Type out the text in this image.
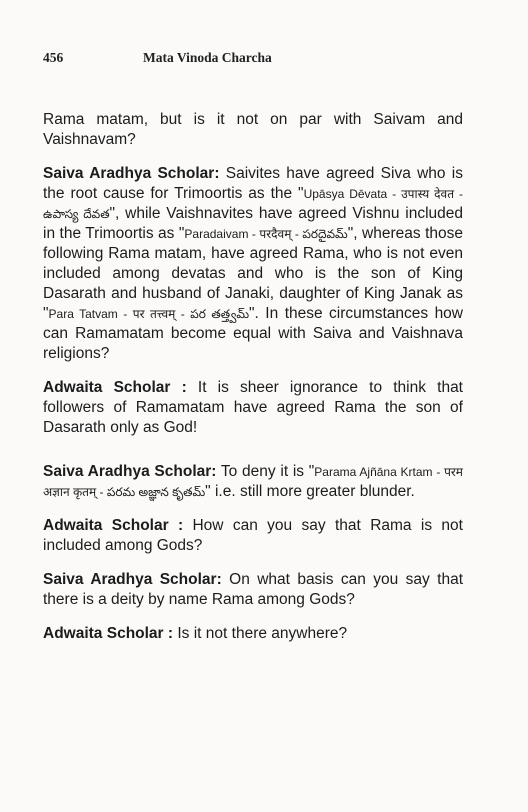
456	Mata Vinoda Charcha

Rama matam, but is it not on par with Saivam and Vaishnavam?

Saiva Aradhya Scholar: Saivites have agreed Siva who is the root cause for Trimoortis as the "Upāsya Dēvata - उपास्य देवत - ఉపాస్య దేవత", while Vaishnavites have agreed Vishnu included in the Trimoortis as "Paradaivam - परदैवम् - పరదైవమ్", whereas those following Rama matam, have agreed Rama, who is not even included among devatas and who is the son of King Dasarath and husband of Janaki, daughter of King Janak as "Para Tatvam - पर तत्त्वम् - పర తత్త్వమ్". In these circumstances how can Ramamatam become equal with Saiva and Vaishnava religions?

Adwaita Scholar : It is sheer ignorance to think that followers of Ramamatam have agreed Rama the son of Dasarath only as God!

Saiva Aradhya Scholar: To deny it is "Parama Ajñāna Krtam - परम अज्ञान कृतम् - పరమ అజ్ఞాన కృతమ్" i.e. still more greater blunder.

Adwaita Scholar : How can you say that Rama is not included among Gods?

Saiva Aradhya Scholar: On what basis can you say that there is a deity by name Rama among Gods?

Adwaita Scholar : Is it not there anywhere?
